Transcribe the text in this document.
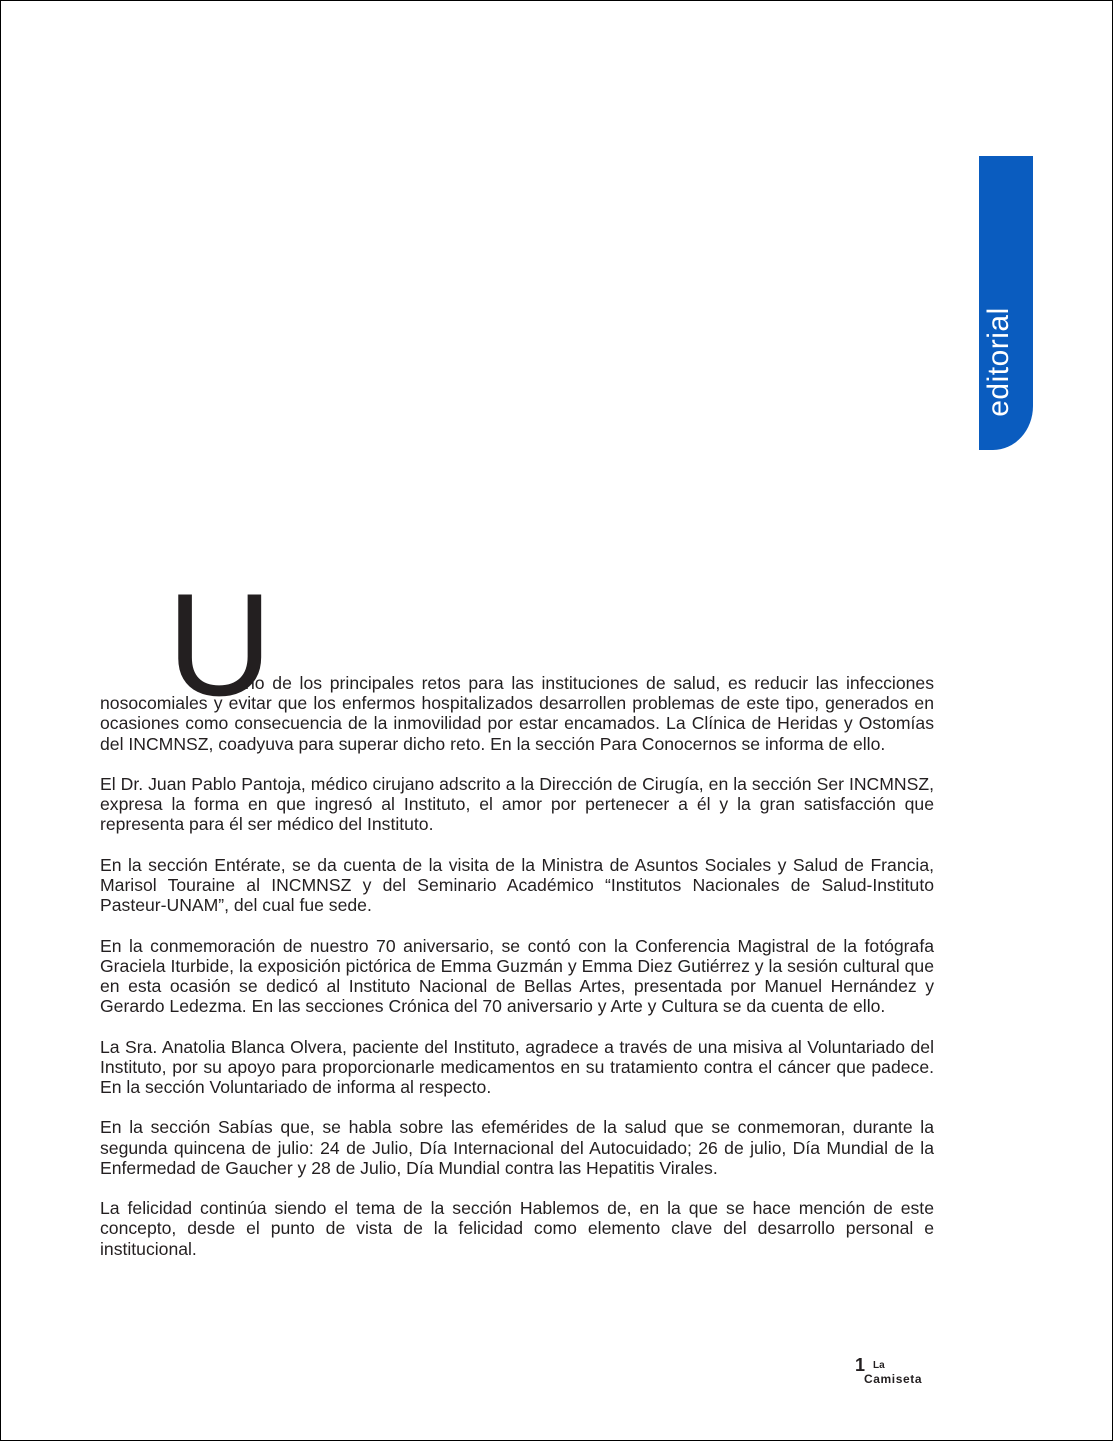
editorial
U

no de los principales retos para las instituciones de salud, es reducir las infecciones nosocomiales y evitar que los enfermos hospitalizados desarrollen problemas de este tipo, generados en ocasiones como consecuencia de la inmovilidad por estar encamados. La Clínica de Heridas y Ostomías del INCMNSZ, coadyuva para superar dicho reto. En la sección Para Conocernos se informa de ello.

El Dr. Juan Pablo Pantoja, médico cirujano adscrito a la Dirección de Cirugía, en la sección Ser INCMNSZ, expresa la forma en que ingresó al Instituto, el amor por pertenecer a él y la gran satisfacción que representa para él ser médico del Instituto.

En la sección Entérate, se da cuenta de la visita de la Ministra de Asuntos Sociales y Salud de Francia, Marisol Touraine al INCMNSZ y del Seminario Académico “Institutos Nacionales de Salud-Instituto Pasteur-UNAM”, del cual fue sede.

En la conmemoración de nuestro 70 aniversario, se contó con la Conferencia Magistral de la fotógrafa Graciela Iturbide, la exposición pictórica de Emma Guzmán y Emma Diez Gutiérrez y la sesión cultural que en esta ocasión se dedicó al Instituto Nacional de Bellas Artes, presentada por Manuel Hernández y Gerardo Ledezma. En las secciones Crónica del 70 aniversario y Arte y Cultura se da cuenta de ello.

La Sra. Anatolia Blanca Olvera, paciente del Instituto, agradece a través de una misiva al Voluntariado del Instituto, por su apoyo para proporcionarle medicamentos en su tratamiento contra el cáncer que padece. En la sección Voluntariado de informa al respecto.

En la sección Sabías que, se habla sobre las efemérides de la salud que se conmemoran, durante la segunda quincena de julio: 24 de Julio, Día Internacional del Autocuidado; 26 de julio, Día Mundial de la Enfermedad de Gaucher y 28 de Julio, Día Mundial contra las Hepatitis Virales.

La felicidad continúa siendo el tema de la sección Hablemos de, en la que se hace mención de este concepto, desde el punto de vista de la felicidad como elemento clave del desarrollo personal e institucional.

1 La
Camiseta
